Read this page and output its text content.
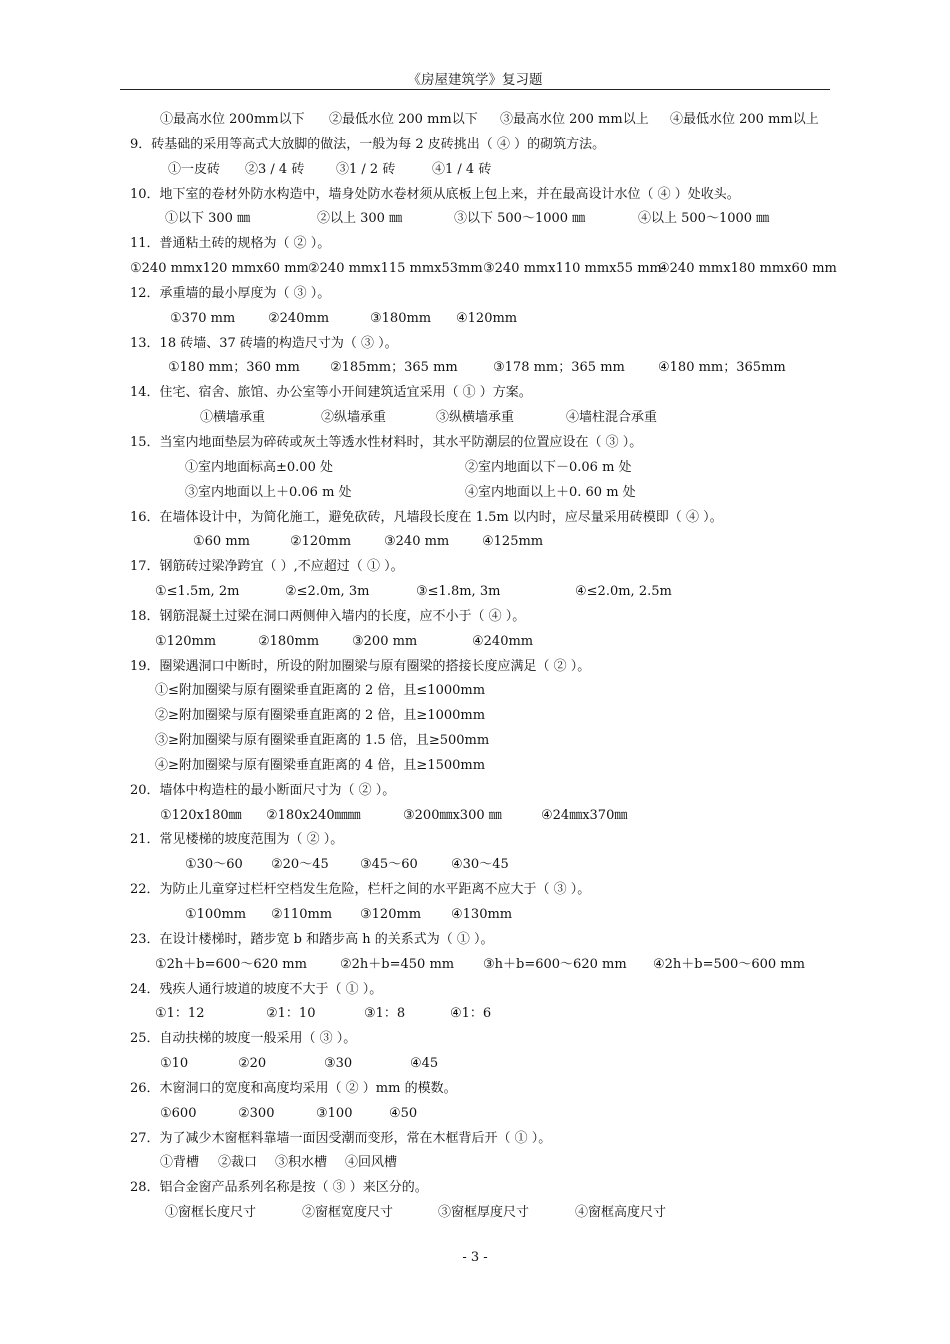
《房屋建筑学》复习题
①最高水位 200mm以下 ②最低水位 200 mm以下 ③最高水位 200 mm以上 ④最低水位 200 mm以上
9．砖基础的采用等高式大放脚的做法，一般为每 2 皮砖挑出（ ④ ）的砌筑方法。
①一皮砖 ②3 / 4 砖 ③1 / 2 砖	④1 / 4 砖
10．地下室的卷材外防水构造中，墙身处防水卷材须从底板上包上来，并在最高设计水位（ ④ ）处收头。
①以下 300 ㎜	②以上 300 ㎜	③以下 500～1000 ㎜	④以上 500～1000 ㎜
11．普通粘土砖的规格为（ ② ）。
①240 mmx120 mmx60 mm ②240 mmx115 mmx53mm ③240 mmx110 mmx55 mm
④240 mmx180 mmx60 mm
12．承重墙的最小厚度为（ ③ ）。
①370 mm	②240mm	③180mm ④120mm
13．18 砖墙、37 砖墙的构造尺寸为（ ③ ）。
①180 mm；360 mm ②185mm；365 mm	③178 mm；365 mm	④180 mm；365mm
14．住宅、宿舍、旅馆、办公室等小开间建筑适宜采用（ ① ）方案。
①横墙承重	②纵墙承重	③纵横墙承重	④墙柱混合承重
15．当室内地面垫层为碎砖或灰土等透水性材料时，其水平防潮层的位置应设在（ ③ ）。
①室内地面标高±0.00 处	②室内地面以下－0.06 m 处
③室内地面以上＋0.06 m 处	④室内地面以上＋0. 60 m 处
16．在墙体设计中，为简化施工，避免砍砖，凡墙段长度在 1.5m 以内时，应尽量采用砖模即（ ④ ）。
①60 mm	②120mm	③240 mm	④125mm
17．钢筋砖过梁净跨宜（ ）,不应超过（ ① ）。
①≤1.5m, 2m	②≤2.0m, 3m	③≤1.8m, 3m	④≤2.0m, 2.5m
18．钢筋混凝土过梁在洞口两侧伸入墙内的长度，应不小于（ ④ ）。
①120mm	②180mm	③200 mm	④240mm
19．圈梁遇洞口中断时，所设的附加圈梁与原有圈梁的搭接长度应满足（ ② ）。
①≤附加圈梁与原有圈梁垂直距离的 2 倍，且≤1000mm
②≥附加圈梁与原有圈梁垂直距离的 2 倍，且≥1000mm
③≥附加圈梁与原有圈梁垂直距离的 1.5 倍，且≥500mm
④≥附加圈梁与原有圈梁垂直距离的 4 倍，且≥1500mm
20．墙体中构造柱的最小断面尺寸为（ ② ）。
①120x180㎜ ②180x240㎜㎜	③200㎜x300 ㎜	④24㎜x370㎜
21．常见楼梯的坡度范围为（ ② ）。
①30～60 ②20～45 ③45～60	④30～45
22．为防止儿童穿过栏杆空档发生危险，栏杆之间的水平距离不应大于（ ③ ）。
①100mm ②110mm ③120mm ④130mm
23．在设计楼梯时，踏步宽 b 和踏步高 h 的关系式为（ ① ）。
①2h＋b=600～620 mm	②2h＋b=450 mm ③h＋b=600～620 mm ④2h＋b=500～600 mm
24．残疾人通行坡道的坡度不大于（ ① ）。
①1：12	②1：10	③1：8	④1：6
25．自动扶梯的坡度一般采用（ ③ ）。
①10	②20	③30	④45
26．木窗洞口的宽度和高度均采用（ ② ）mm 的模数。
①600	②300	③100	④50
27．为了减少木窗框料靠墙一面因受潮而变形，常在木框背后开（ ① ）。
①背槽 ②裁口 ③积水槽 ④回风槽
28．铝合金窗产品系列名称是按（ ③ ）来区分的。
①窗框长度尺寸	②窗框宽度尺寸	③窗框厚度尺寸	④窗框高度尺寸
- 3 -
